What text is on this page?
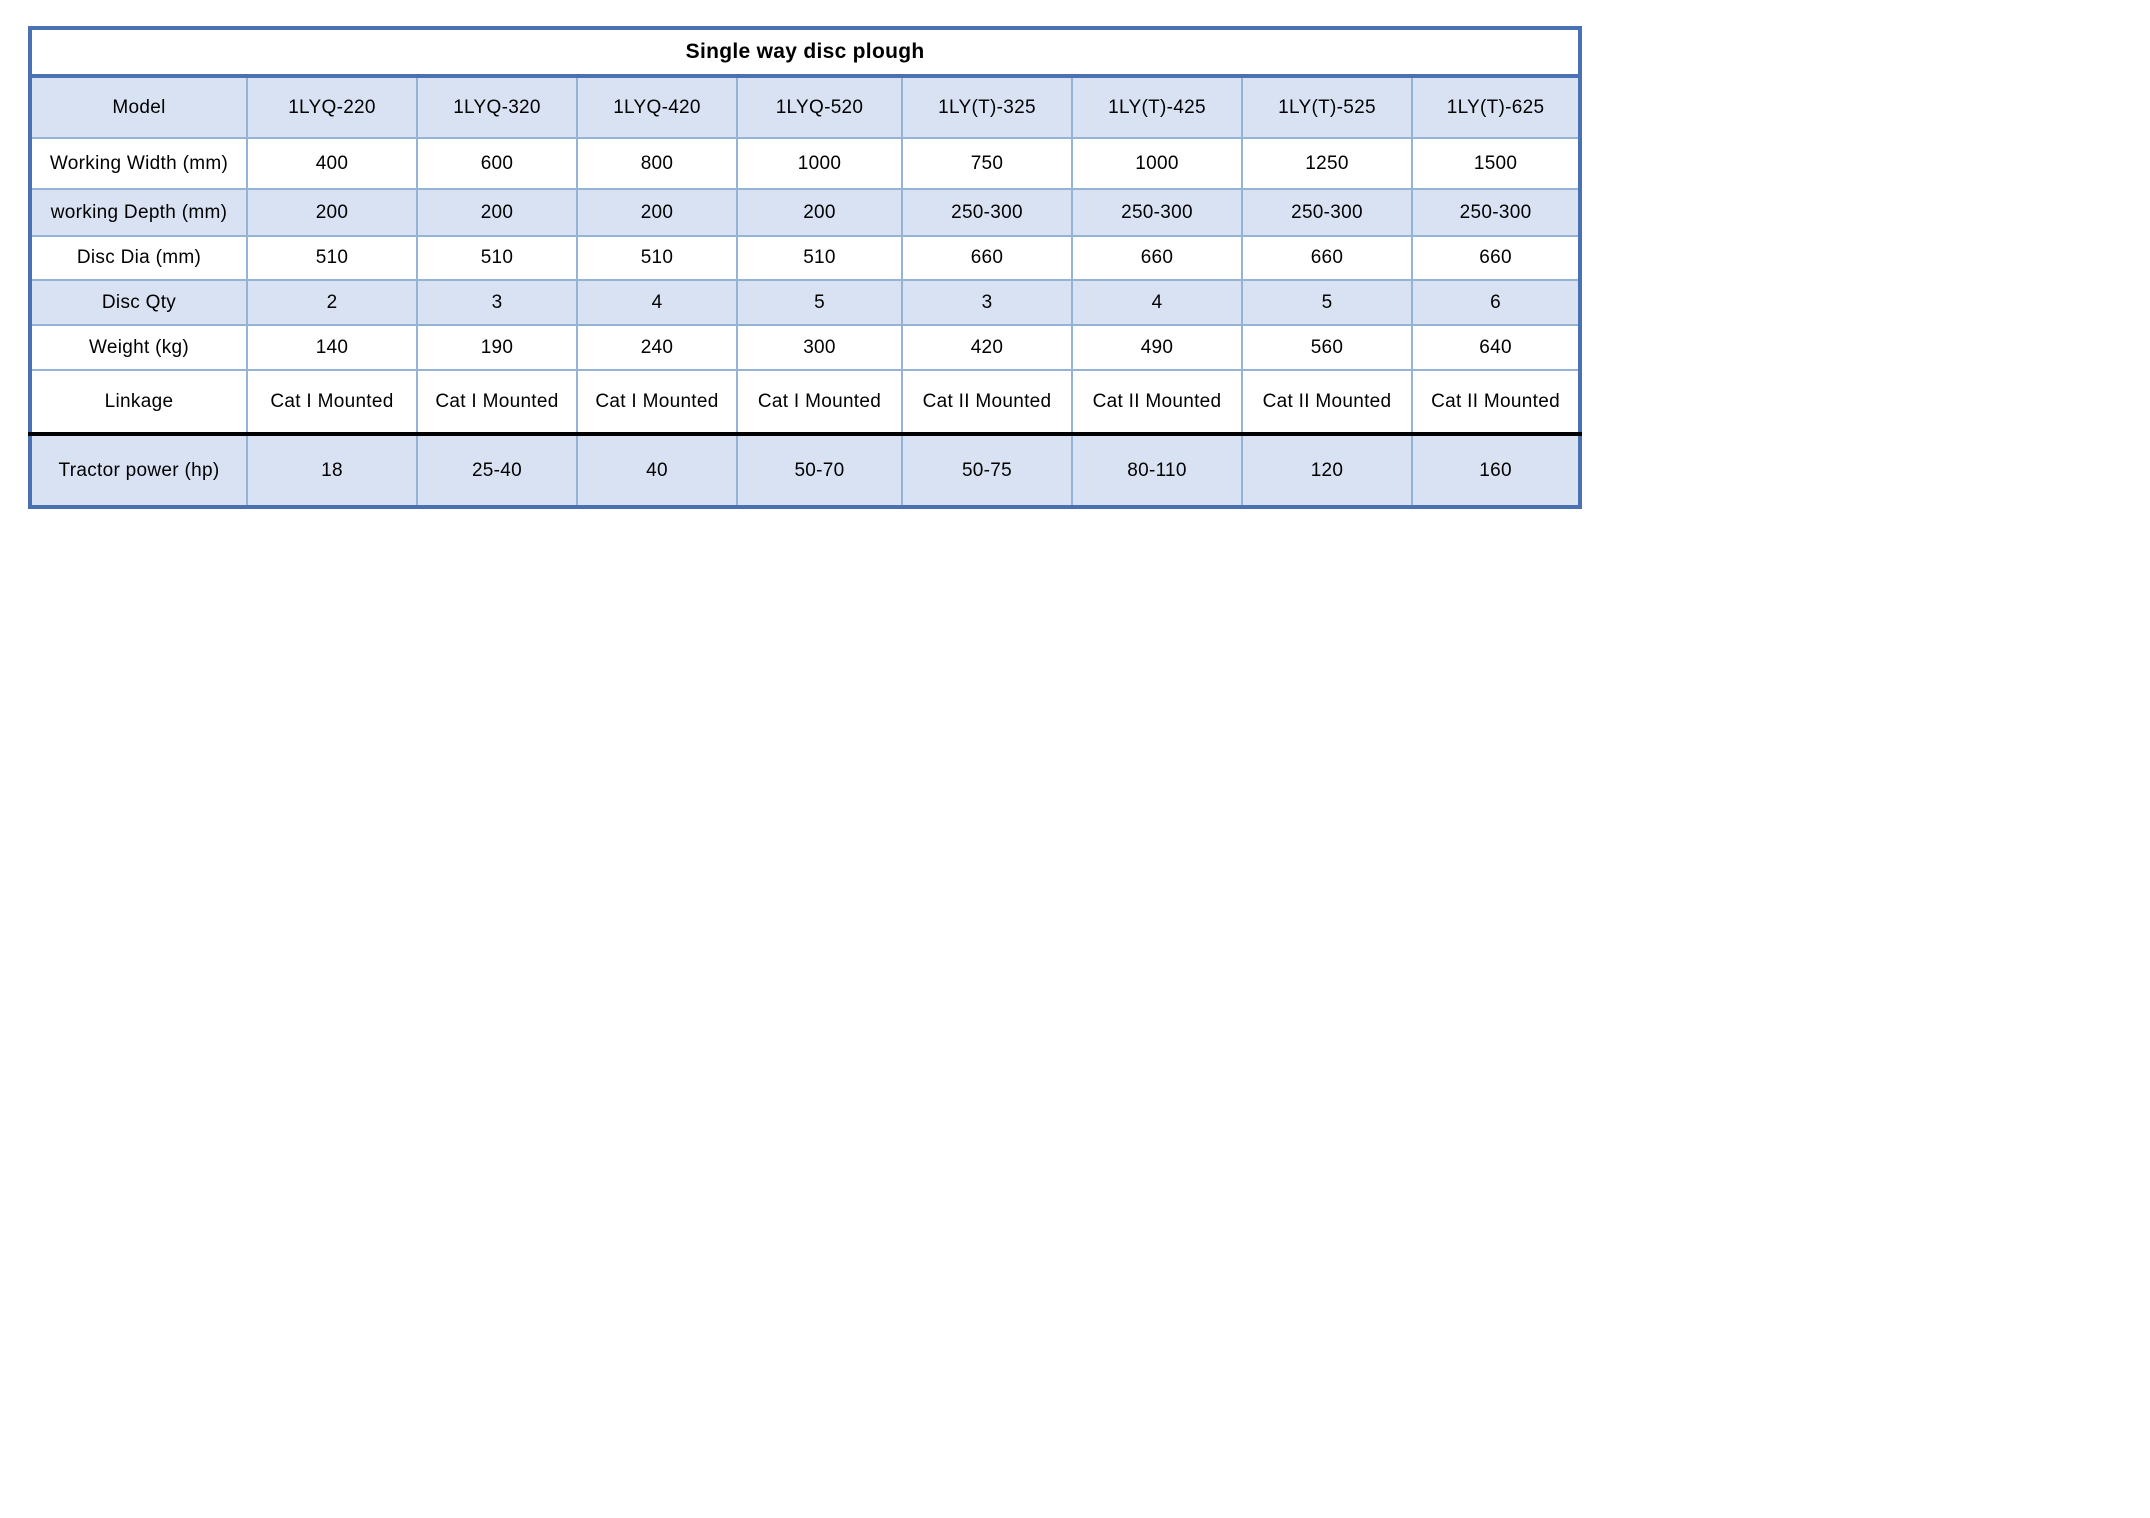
Single way disc plough								
Model	1LYQ-220	1LYQ-320	1LYQ-420	1LYQ-520	1LY(T)-325	1LY(T)-425	1LY(T)-525	1LY(T)-625
Working Width (mm)	400	600	800	1000	750	1000	1250	1500
working Depth (mm)	200	200	200	200	250-300	250-300	250-300	250-300
Disc Dia (mm)	510	510	510	510	660	660	660	660
Disc Qty	2	3	4	5	3	4	5	6
Weight (kg)	140	190	240	300	420	490	560	640
Linkage	Cat I Mounted	Cat I Mounted	Cat I Mounted	Cat I Mounted	Cat II Mounted	Cat II Mounted	Cat II Mounted	Cat II Mounted
Tractor power (hp)	18	25-40	40	50-70	50-75	80-110	120	160
